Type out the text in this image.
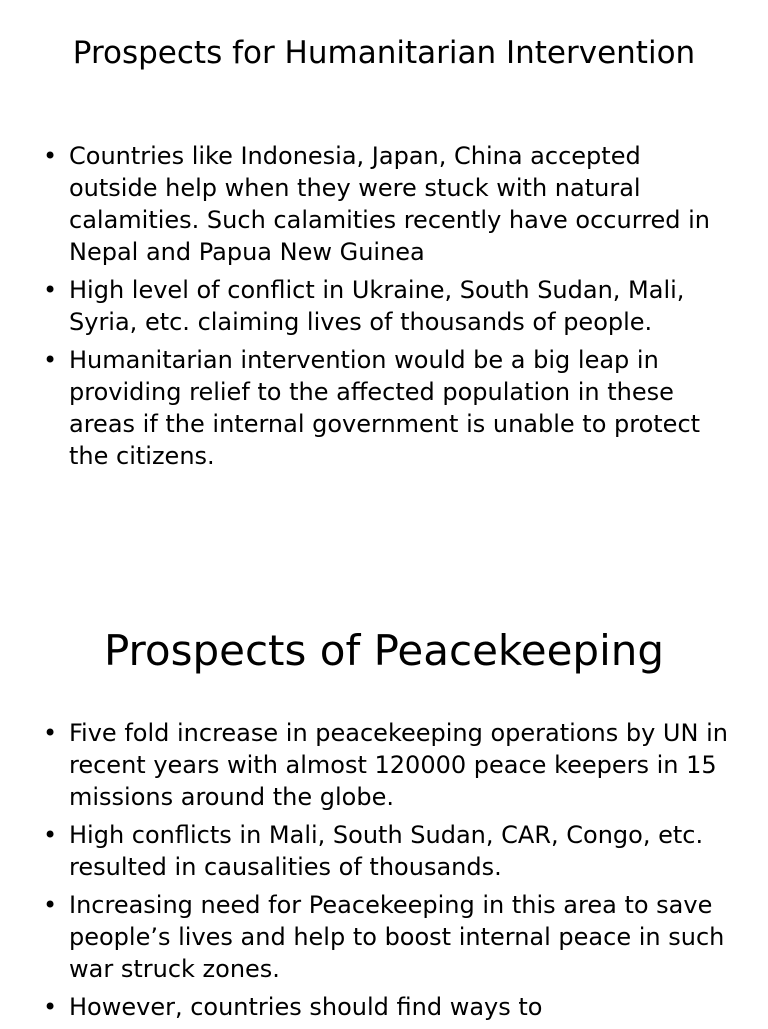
Prospects for Humanitarian Intervention
• Countries like Indonesia, Japan, China accepted outside help when they were stuck with natural calamities. Such calamities recently have occurred in Nepal and Papua New Guinea
• High level of conflict in Ukraine, South Sudan, Mali, Syria, etc. claiming lives of thousands of people.
• Humanitarian intervention would be a big leap in providing relief to the affected population in these areas if the internal government is unable to protect the citizens.
Prospects of Peacekeeping
• Five fold increase in peacekeeping operations by UN in recent years with almost 120000 peace keepers in 15 missions around the globe.
• High conflicts in Mali, South Sudan, CAR, Congo, etc. resulted in causalities of thousands.
• Increasing need for Peacekeeping in this area to save people’s lives and help to boost internal peace in such war struck zones.
• However, countries should find ways to
